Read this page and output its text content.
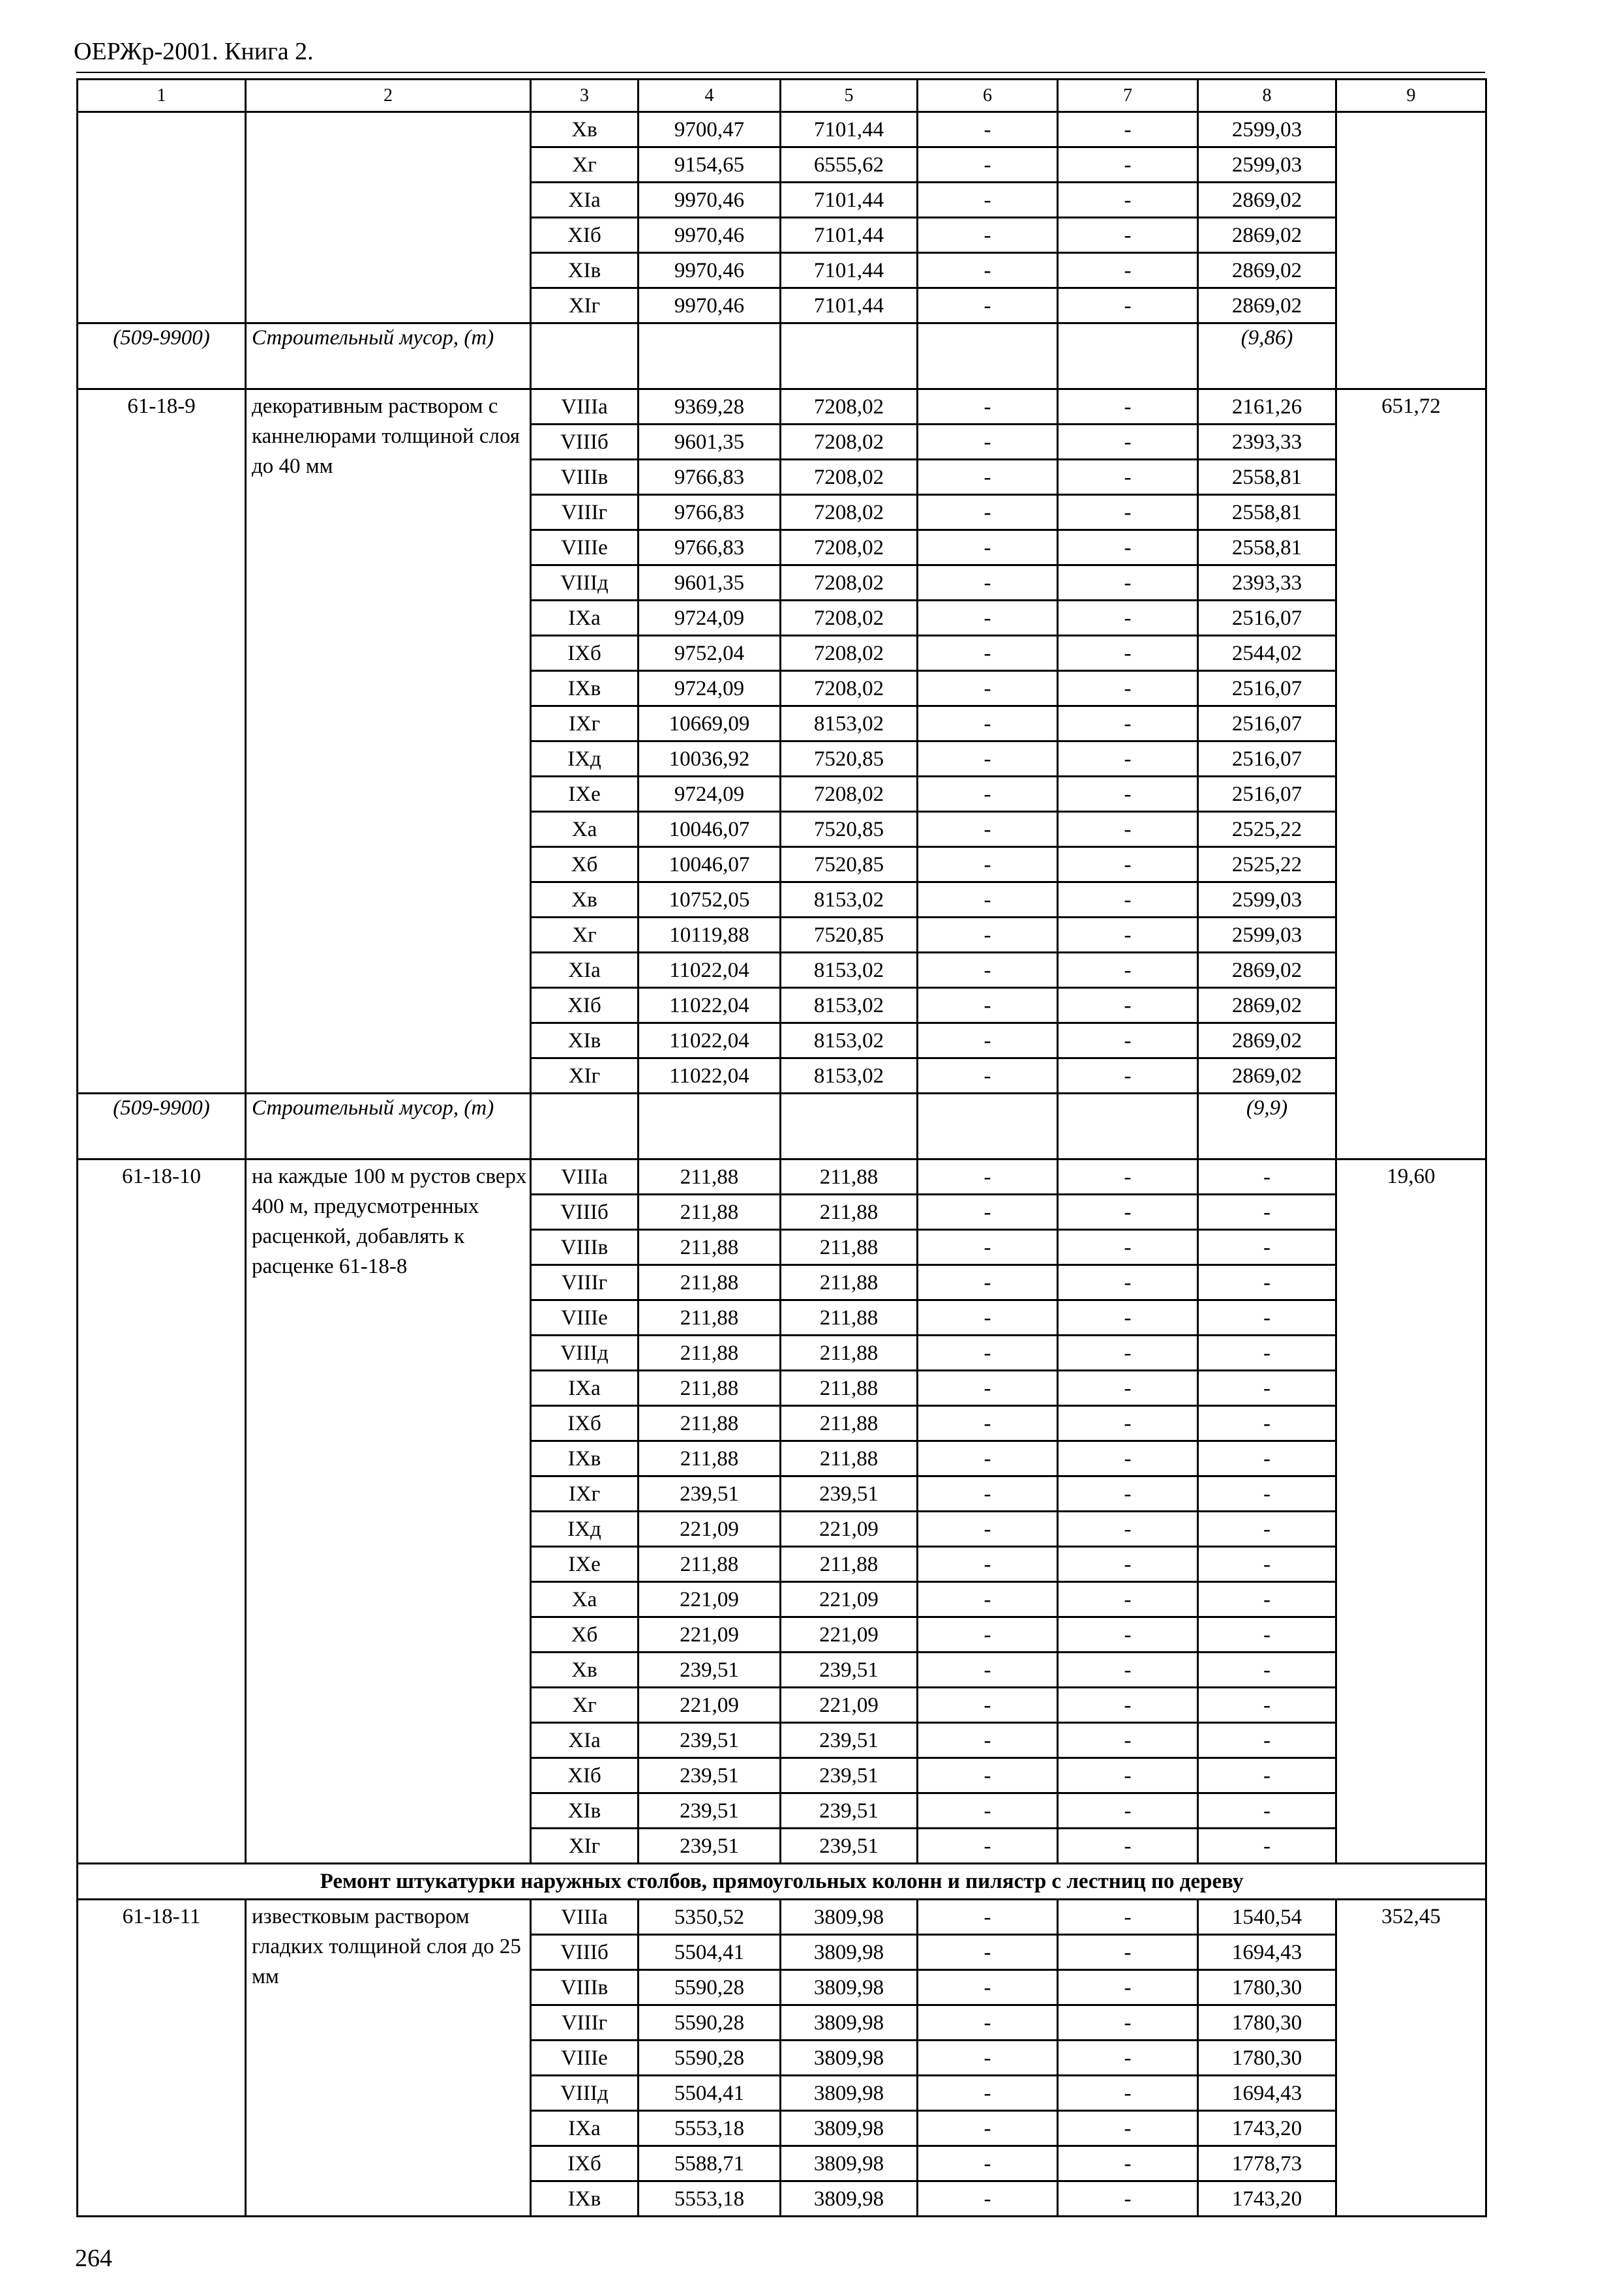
ОЕРЖр-2001. Книга 2.
1	2	3	4	5	6	7	8	9
		Xв	9700,47	7101,44	-	-	2599,03	
		Xг	9154,65	6555,62	-	-	2599,03	
		XIа	9970,46	7101,44	-	-	2869,02	
		XIб	9970,46	7101,44	-	-	2869,02	
		XIв	9970,46	7101,44	-	-	2869,02	
		XIг	9970,46	7101,44	-	-	2869,02	
(509-9900)	Строительный мусор, (т)						(9,86)	
61-18-9	декоративным раствором с каннелюрами толщиной слоя до 40 мм	VIIIа	9369,28	7208,02	-	-	2161,26	651,72
		VIIIб	9601,35	7208,02	-	-	2393,33	
		VIIIв	9766,83	7208,02	-	-	2558,81	
		VIIIг	9766,83	7208,02	-	-	2558,81	
		VIIIе	9766,83	7208,02	-	-	2558,81	
		VIIIд	9601,35	7208,02	-	-	2393,33	
		IXа	9724,09	7208,02	-	-	2516,07	
		IXб	9752,04	7208,02	-	-	2544,02	
		IXв	9724,09	7208,02	-	-	2516,07	
		IXг	10669,09	8153,02	-	-	2516,07	
		IXд	10036,92	7520,85	-	-	2516,07	
		IXе	9724,09	7208,02	-	-	2516,07	
		Xа	10046,07	7520,85	-	-	2525,22	
		Xб	10046,07	7520,85	-	-	2525,22	
		Xв	10752,05	8153,02	-	-	2599,03	
		Xг	10119,88	7520,85	-	-	2599,03	
		XIа	11022,04	8153,02	-	-	2869,02	
		XIб	11022,04	8153,02	-	-	2869,02	
		XIв	11022,04	8153,02	-	-	2869,02	
		XIг	11022,04	8153,02	-	-	2869,02	
(509-9900)	Строительный мусор, (т)						(9,9)	
61-18-10	на каждые 100 м рустов сверх 400 м, предусмотренных расценкой, добавлять к расценке 61-18-8	VIIIа	211,88	211,88	-	-	-	19,60
		VIIIб	211,88	211,88	-	-	-	
		VIIIв	211,88	211,88	-	-	-	
		VIIIг	211,88	211,88	-	-	-	
		VIIIе	211,88	211,88	-	-	-	
		VIIIд	211,88	211,88	-	-	-	
		IXа	211,88	211,88	-	-	-	
		IXб	211,88	211,88	-	-	-	
		IXв	211,88	211,88	-	-	-	
		IXг	239,51	239,51	-	-	-	
		IXд	221,09	221,09	-	-	-	
		IXе	211,88	211,88	-	-	-	
		Xа	221,09	221,09	-	-	-	
		Xб	221,09	221,09	-	-	-	
		Xв	239,51	239,51	-	-	-	
		Xг	221,09	221,09	-	-	-	
		XIа	239,51	239,51	-	-	-	
		XIб	239,51	239,51	-	-	-	
		XIв	239,51	239,51	-	-	-	
		XIг	239,51	239,51	-	-	-	
Ремонт штукатурки наружных столбов, прямоугольных колонн и пилястр с лестниц по дереву								
61-18-11	известковым раствором гладких толщиной слоя до 25 мм	VIIIа	5350,52	3809,98	-	-	1540,54	352,45
		VIIIб	5504,41	3809,98	-	-	1694,43	
		VIIIв	5590,28	3809,98	-	-	1780,30	
		VIIIг	5590,28	3809,98	-	-	1780,30	
		VIIIе	5590,28	3809,98	-	-	1780,30	
		VIIIд	5504,41	3809,98	-	-	1694,43	
		IXа	5553,18	3809,98	-	-	1743,20	
		IXб	5588,71	3809,98	-	-	1778,73	
		IXв	5553,18	3809,98	-	-	1743,20	
264
